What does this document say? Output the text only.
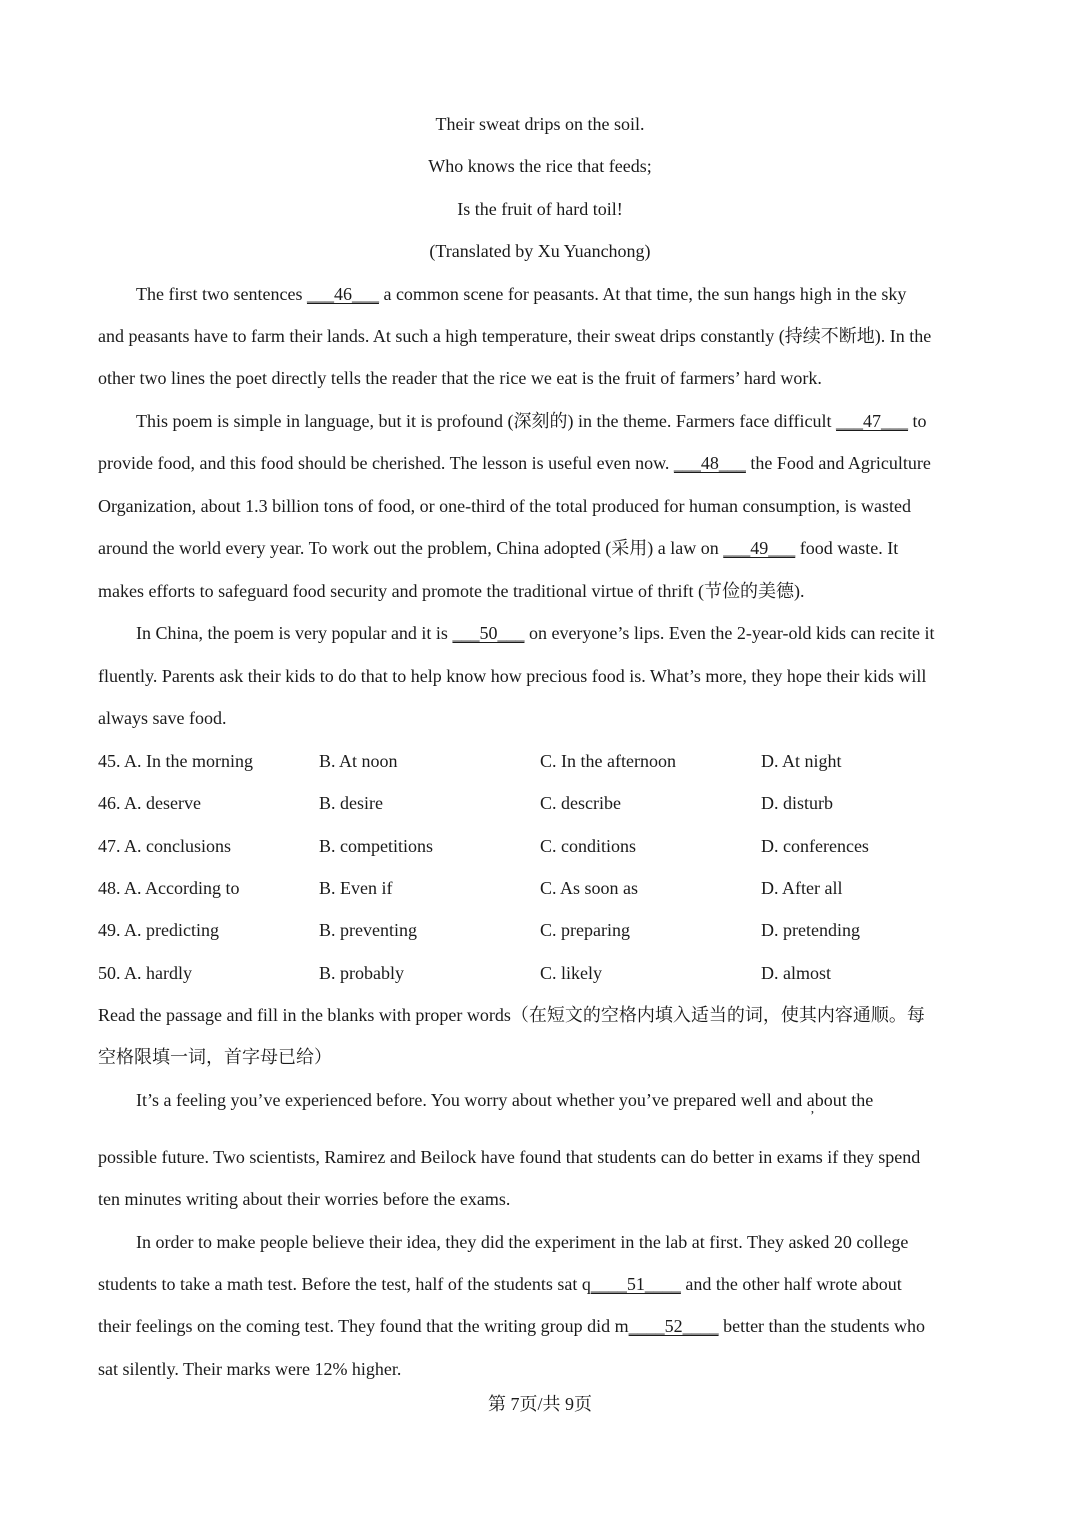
Their sweat drips on the soil.
Who knows the rice that feeds;
Is the fruit of hard toil!
(Translated by Xu Yuanchong)
The first two sentences ___46___ a common scene for peasants. At that time, the sun hangs high in the sky
and peasants have to farm their lands. At such a high temperature, their sweat drips constantly (持续不断地). In the
other two lines the poet directly tells the reader that the rice we eat is the fruit of farmers’ hard work.
This poem is simple in language, but it is profound (深刻的) in the theme. Farmers face difficult ___47___ to
provide food, and this food should be cherished. The lesson is useful even now. ___48___ the Food and Agriculture
Organization, about 1.3 billion tons of food, or one-third of the total produced for human consumption, is wasted
around the world every year. To work out the problem, China adopted (采用) a law on ___49___ food waste. It
makes efforts to safeguard food security and promote the traditional virtue of thrift (节俭的美德).
In China, the poem is very popular and it is ___50___ on everyone’s lips. Even the 2-year-old kids can recite it
fluently. Parents ask their kids to do that to help know how precious food is. What’s more, they hope their kids will
always save food.
45. A. In the morning	B. At noon	C. In the afternoon	D. At night
46. A. deserve	B. desire	C. describe	D. disturb
47. A. conclusions	B. competitions	C. conditions	D. conferences
48. A. According to	B. Even if	C. As soon as	D. After all
49. A. predicting	B. preventing	C. preparing	D. pretending
50. A. hardly	B. probably	C. likely	D. almost
Read the passage and fill in the blanks with proper words（在短文的空格内填入适当的词，使其内容通顺。每
空格限填一词，首字母已给）
It’s a feeling you’ve experienced before. You worry about whether you’ve prepared well and about the
’
possible future. Two scientists, Ramirez and Beilock have found that students can do better in exams if they spend
ten minutes writing about their worries before the exams.
In order to make people believe their idea, they did the experiment in the lab at first. They asked 20 college
students to take a math test. Before the test, half of the students sat q____51____ and the other half wrote about
their feelings on the coming test. They found that the writing group did m____52____ better than the students who
sat silently. Their marks were 12% higher.
第 7页/共 9页
